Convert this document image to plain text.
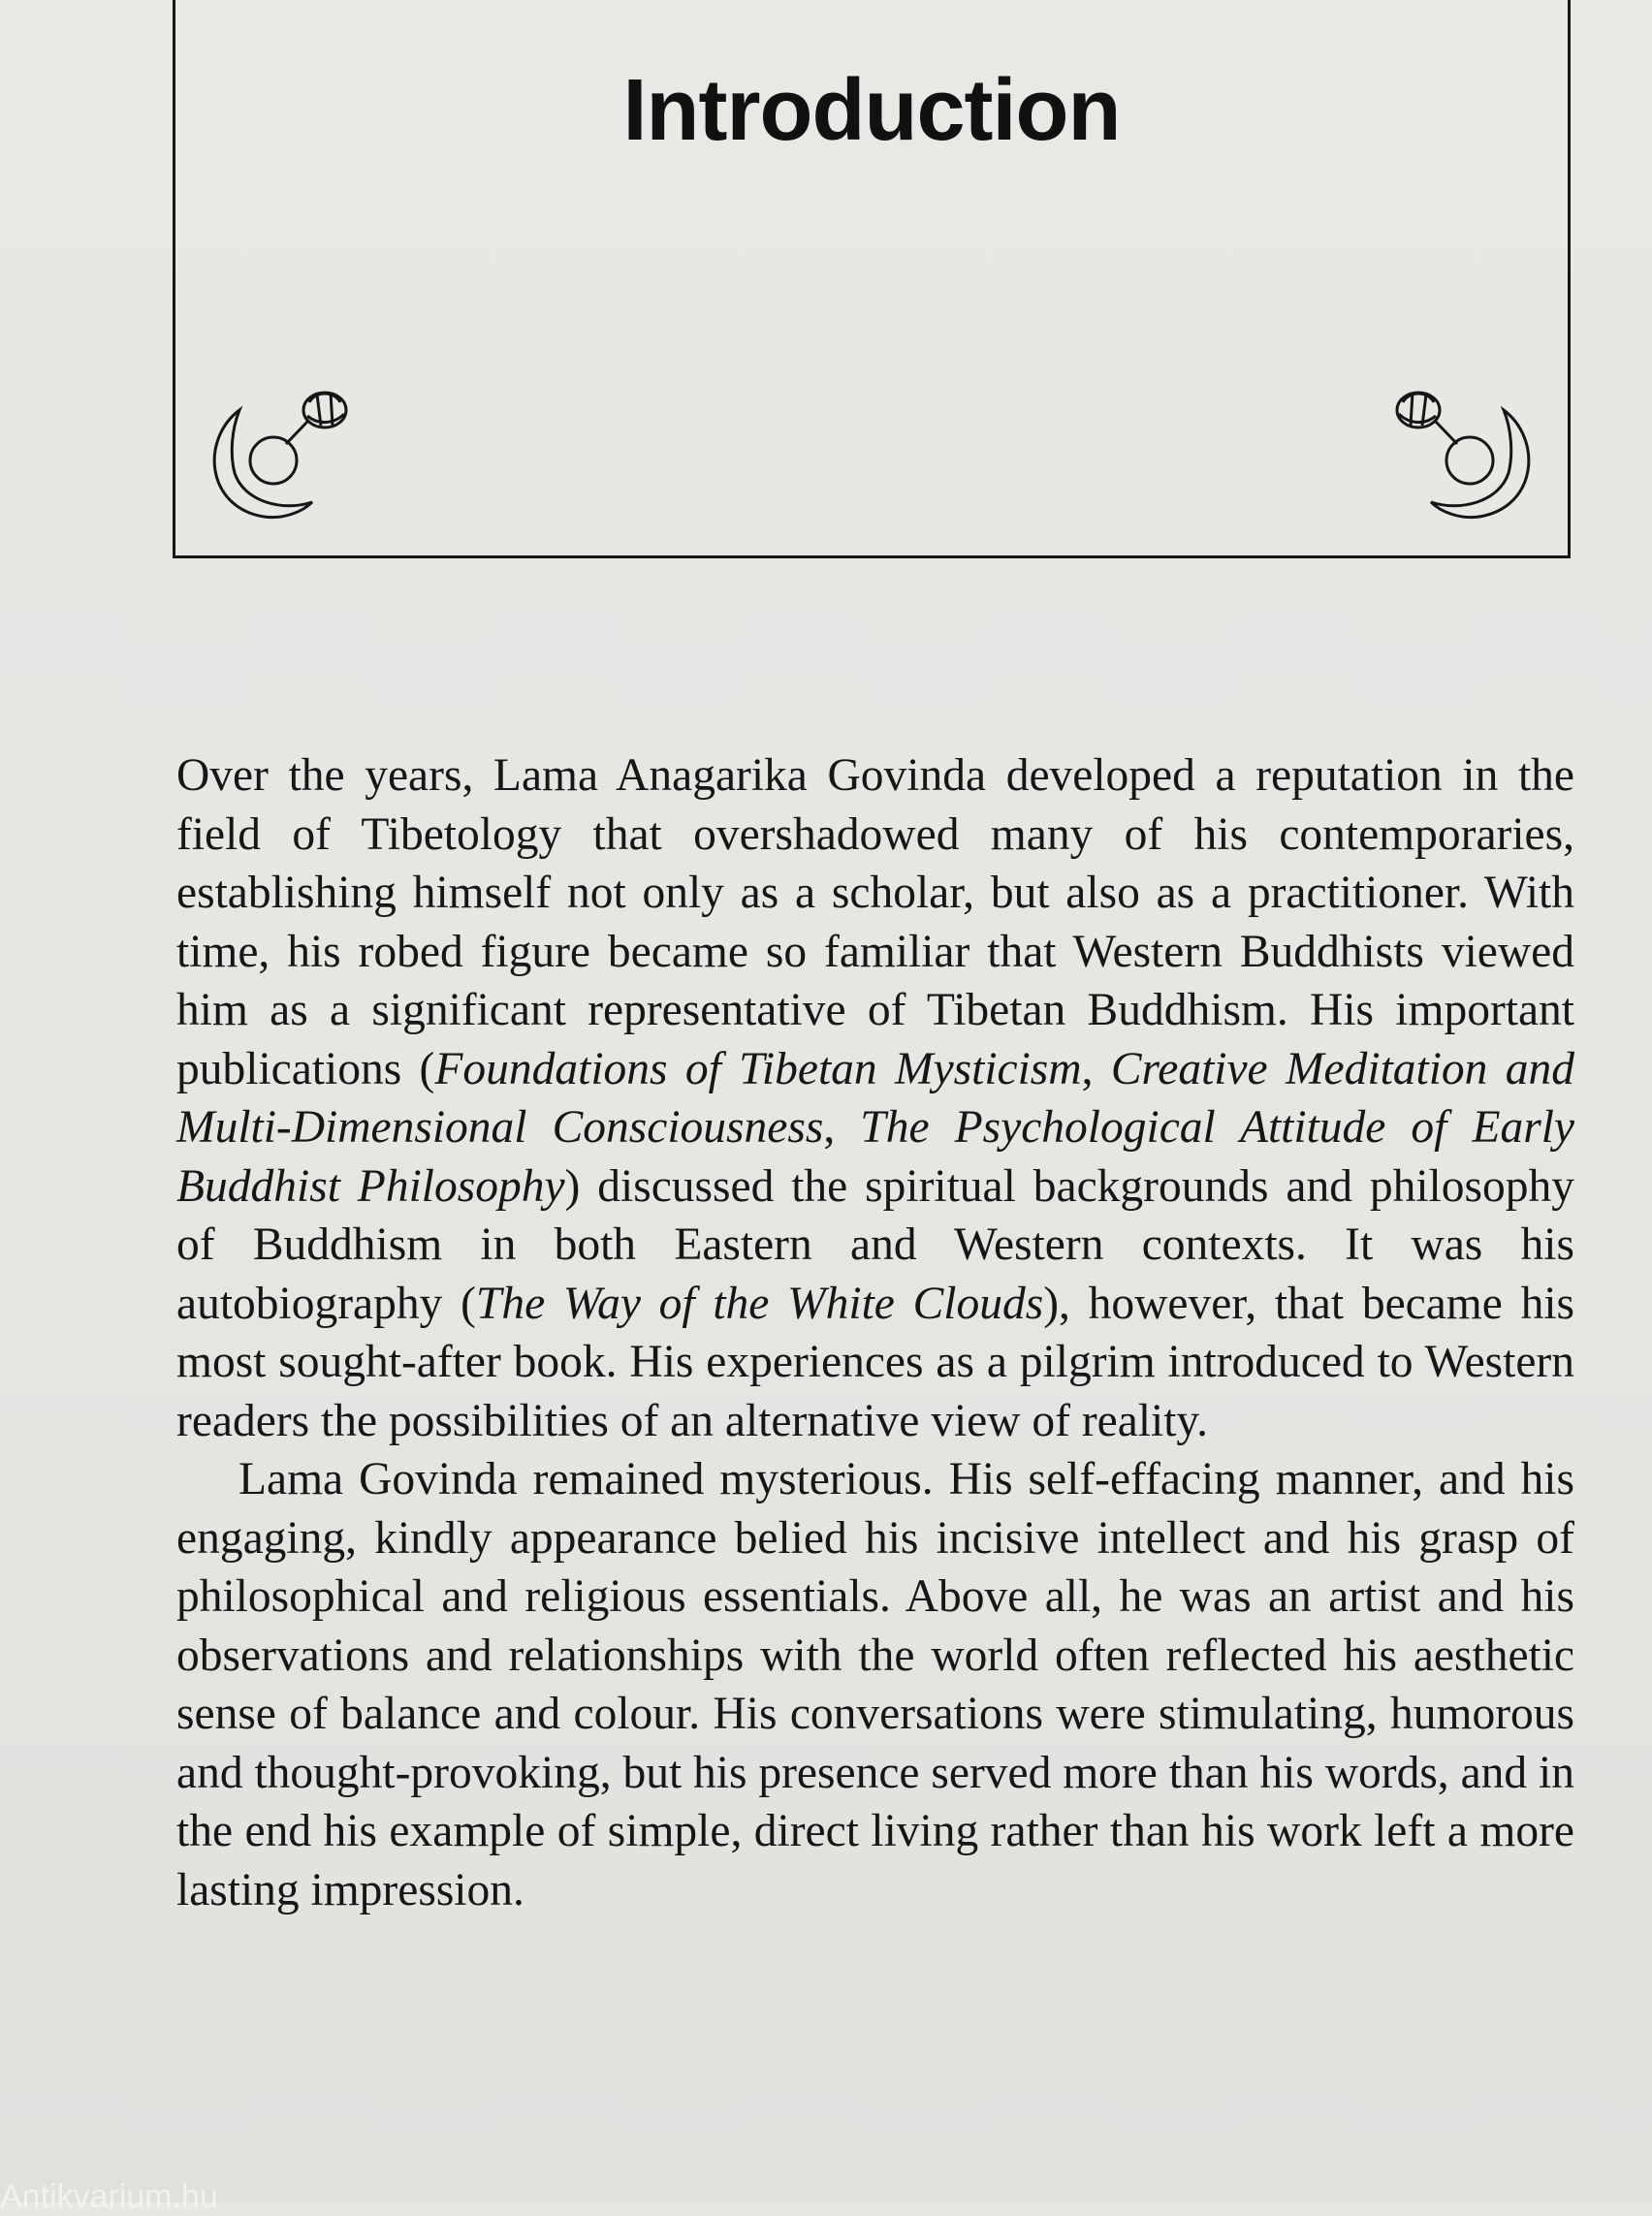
Introduction

Over the years, Lama Anagarika Govinda developed a reputation in the field of Tibetology that overshadowed many of his contemporaries, establishing himself not only as a scholar, but also as a practitioner. With time, his robed figure became so familiar that Western Buddhists viewed him as a significant representative of Tibetan Buddhism. His important publications (Foundations of Tibetan Mysticism, Creative Meditation and Multi-Dimensional Consciousness, The Psychological Attitude of Early Buddhist Philosophy) discussed the spiritual backgrounds and philosophy of Buddhism in both Eastern and Western contexts. It was his autobiography (The Way of the White Clouds), however, that became his most sought-after book. His experiences as a pilgrim introduced to Western readers the possibilities of an alternative view of reality.

Lama Govinda remained mysterious. His self-effacing manner, and his engaging, kindly appearance belied his incisive intellect and his grasp of philosophical and religious essentials. Above all, he was an artist and his observations and relationships with the world often reflected his aesthetic sense of balance and colour. His conversations were stimulating, humorous and thought-provoking, but his presence served more than his words, and in the end his example of simple, direct living rather than his work left a more lasting impression.

Antikvarium.hu
